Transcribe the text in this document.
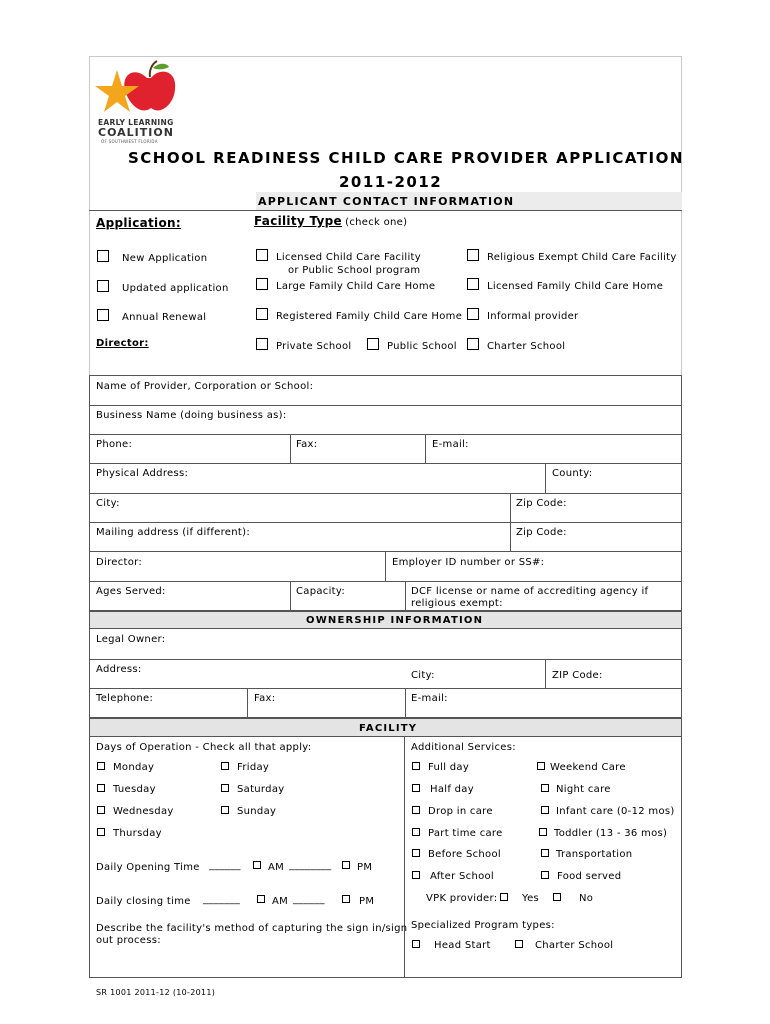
EARLY LEARNING
COALITION
OF SOUTHWEST FLORIDA
SCHOOL READINESS CHILD CARE PROVIDER APPLICATION
2011-2012
APPLICANT CONTACT INFORMATION
Application:	Facility Type
: (check one)
New Application
Updated application
Annual Renewal
Director:
Licensed Child Care Facility
or Public School program
Large Family Child Care Home
Registered Family Child Care Home
Private School	Public School
Religious Exempt Child Care Facility
Licensed Family Child Care Home
Informal provider
Charter School
Name of Provider, Corporation or School:
Business Name (doing business as):
Phone:	Fax:	E-mail:
Physical Address:	County:
City:	Zip Code:
Mailing address (if different):	Zip Code:
Director:	Employer ID number or SS#:
Ages Served:	Capacity:	DCF license or name of accrediting agency if
religious exempt:
OWNERSHIP INFORMATION
Legal Owner:
Address:
City:	ZIP Code:
Telephone:	Fax:	E-mail:
FACILITY
Days of Operation - Check all that apply:
Monday
Tuesday
Wednesday
Thursday
Friday
Saturday
Sunday
Daily Opening Time ______	AM ________	PM
Daily closing time _______	AM ______	PM
Describe the facility's method of capturing the sign in/sign
out process:
Additional Services:
Full day
Half day
Drop in care
Part time care
Before School
After School
Weekend Care
Night care
Infant care (0-12 mos)
Toddler (13 - 36 mos)
Transportation
Food served
VPK provider: Yes	No
Specialized Program types:
Head Start	Charter School
SR 1001 2011-12 (10-2011)
